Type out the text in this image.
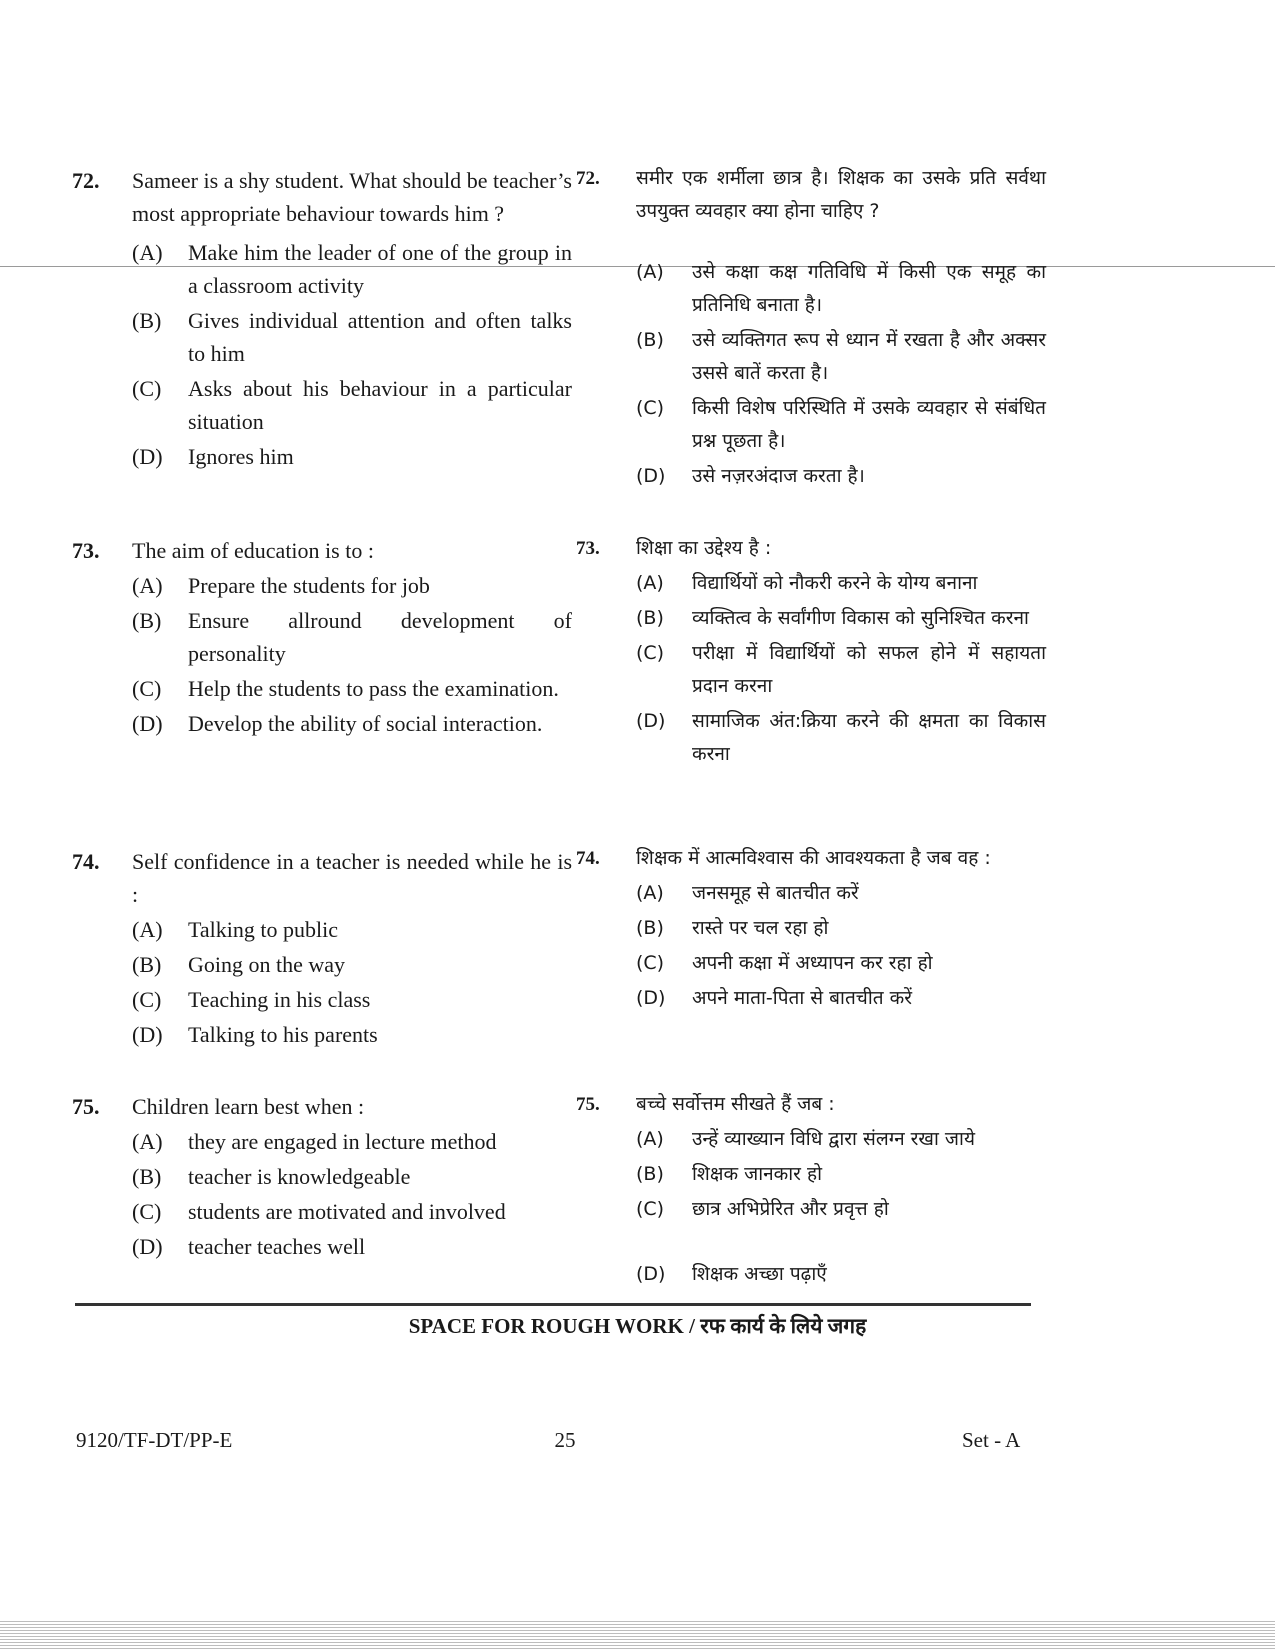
72.	Sameer is a shy student. What should be teacher’s most appropriate behaviour towards him ?
(A)	Make him the leader of one of the group in a classroom activity
(B)	Gives individual attention and often talks to him
(C)	Asks about his behaviour in a particular situation
(D)	Ignores him
73.	The aim of education is to :
(A)	Prepare the students for job
(B)	Ensure allround development of personality
(C)	Help the students to pass the examination.
(D)	Develop the ability of social interaction.
74.	Self confidence in a teacher is needed while he is :
(A)	Talking to public
(B)	Going on the way
(C)	Teaching in his class
(D)	Talking to his parents
75.	Children learn best when :
(A)	they are engaged in lecture method
(B)	teacher is knowledgeable
(C)	students are motivated and involved
(D)	teacher teaches well
72.	समीर एक शर्मीला छात्र है। शिक्षक का उसके प्रति सर्वथा उपयुक्त व्यवहार क्या होना चाहिए ?
(A)	उसे कक्षा कक्ष गतिविधि में किसी एक समूह का प्रतिनिधि बनाता है।
(B)	उसे व्यक्तिगत रूप से ध्यान में रखता है और अक्सर उससे बातें करता है।
(C)	किसी विशेष परिस्थिति में उसके व्यवहार से संबंधित प्रश्न पूछता है।
(D)	उसे नज़रअंदाज करता है।
73.	शिक्षा का उद्देश्य है :
(A)	विद्यार्थियों को नौकरी करने के योग्य बनाना
(B)	व्यक्तित्व के सर्वांगीण विकास को सुनिश्चित करना
(C)	परीक्षा में विद्यार्थियों को सफल होने में सहायता प्रदान करना
(D)	सामाजिक अंत:क्रिया करने की क्षमता का विकास करना
74.	शिक्षक में आत्मविश्वास की आवश्यकता है जब वह :
(A)	जनसमूह से बातचीत करें
(B)	रास्ते पर चल रहा हो
(C)	अपनी कक्षा में अध्यापन कर रहा हो
(D)	अपने माता-पिता से बातचीत करें
75.	बच्चे सर्वोत्तम सीखते हैं जब :
(A)	उन्हें व्याख्यान विधि द्वारा संलग्न रखा जाये
(B)	शिक्षक जानकार हो
(C)	छात्र अभिप्रेरित और प्रवृत्त हो
(D)	शिक्षक अच्छा पढ़ाएँ
SPACE FOR ROUGH WORK / रफ कार्य के लिये जगह
9120/TF-DT/PP-E	25	Set - A
